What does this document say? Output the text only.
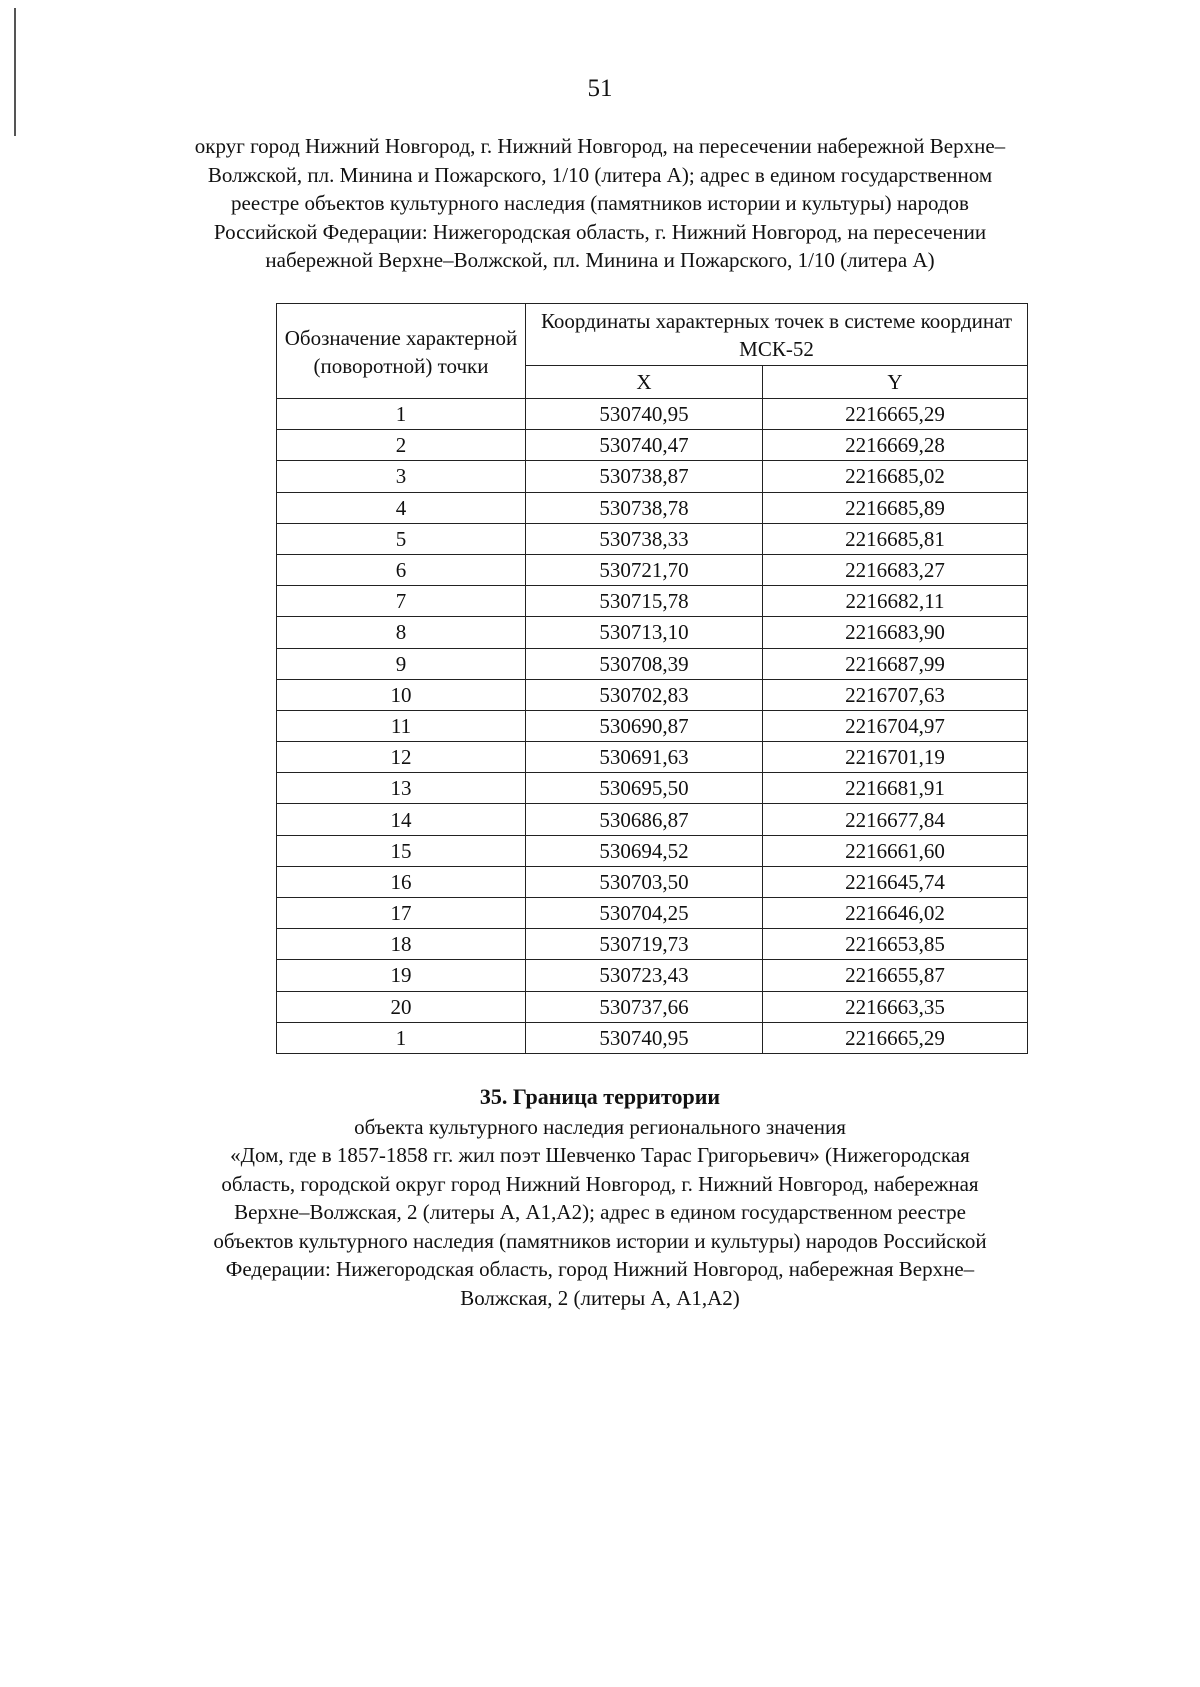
51
округ город Нижний Новгород, г. Нижний Новгород, на пересечении набережной Верхне–
Волжской, пл. Минина и Пожарского, 1/10 (литера А); адрес в едином государственном
реестре объектов культурного наследия (памятников истории и культуры) народов
Российской Федерации: Нижегородская область, г. Нижний Новгород, на пересечении
набережной Верхне–Волжской, пл. Минина и Пожарского, 1/10 (литера А)
Обозначение характерной (поворотной) точки	Координаты характерных точек в системе координат МСК-52	
	X	Y
1	530740,95	2216665,29
2	530740,47	2216669,28
3	530738,87	2216685,02
4	530738,78	2216685,89
5	530738,33	2216685,81
6	530721,70	2216683,27
7	530715,78	2216682,11
8	530713,10	2216683,90
9	530708,39	2216687,99
10	530702,83	2216707,63
11	530690,87	2216704,97
12	530691,63	2216701,19
13	530695,50	2216681,91
14	530686,87	2216677,84
15	530694,52	2216661,60
16	530703,50	2216645,74
17	530704,25	2216646,02
18	530719,73	2216653,85
19	530723,43	2216655,87
20	530737,66	2216663,35
1	530740,95	2216665,29
35. Граница территории
объекта культурного наследия регионального значения
«Дом, где в 1857-1858 гг. жил поэт Шевченко Тарас Григорьевич» (Нижегородская
область, городской округ город Нижний Новгород, г. Нижний Новгород, набережная
Верхне–Волжская, 2 (литеры А, А1,А2); адрес в едином государственном реестре
объектов культурного наследия (памятников истории и культуры) народов Российской
Федерации: Нижегородская область, город Нижний Новгород, набережная Верхне–
Волжская, 2 (литеры А, А1,А2)
